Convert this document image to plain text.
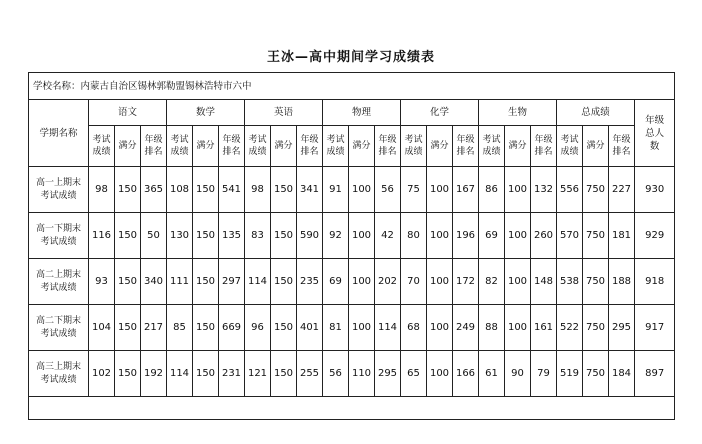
王冰—高中期间学习成绩表
学校名称：内蒙古自治区锡林郭勒盟锡林浩特市六中																						
学期名称	语文			数学			英语			物理			化学			生物			总成绩			年级总人数
	考试成绩	满分	年级排名	考试成绩	满分	年级排名	考试成绩	满分	年级排名	考试成绩	满分	年级排名	考试成绩	满分	年级排名	考试成绩	满分	年级排名	考试成绩	满分	年级排名	
高一上期末考试成绩	98	150	365	108	150	541	98	150	341	91	100	56	75	100	167	86	100	132	556	750	227	930
高一下期末考试成绩	116	150	50	130	150	135	83	150	590	92	100	42	80	100	196	69	100	260	570	750	181	929
高二上期末考试成绩	93	150	340	111	150	297	114	150	235	69	100	202	70	100	172	82	100	148	538	750	188	918
高二下期末考试成绩	104	150	217	85	150	669	96	150	401	81	100	114	68	100	249	88	100	161	522	750	295	917
高三上期末考试成绩	102	150	192	114	150	231	121	150	255	56	110	295	65	100	166	61	90	79	519	750	184	897
